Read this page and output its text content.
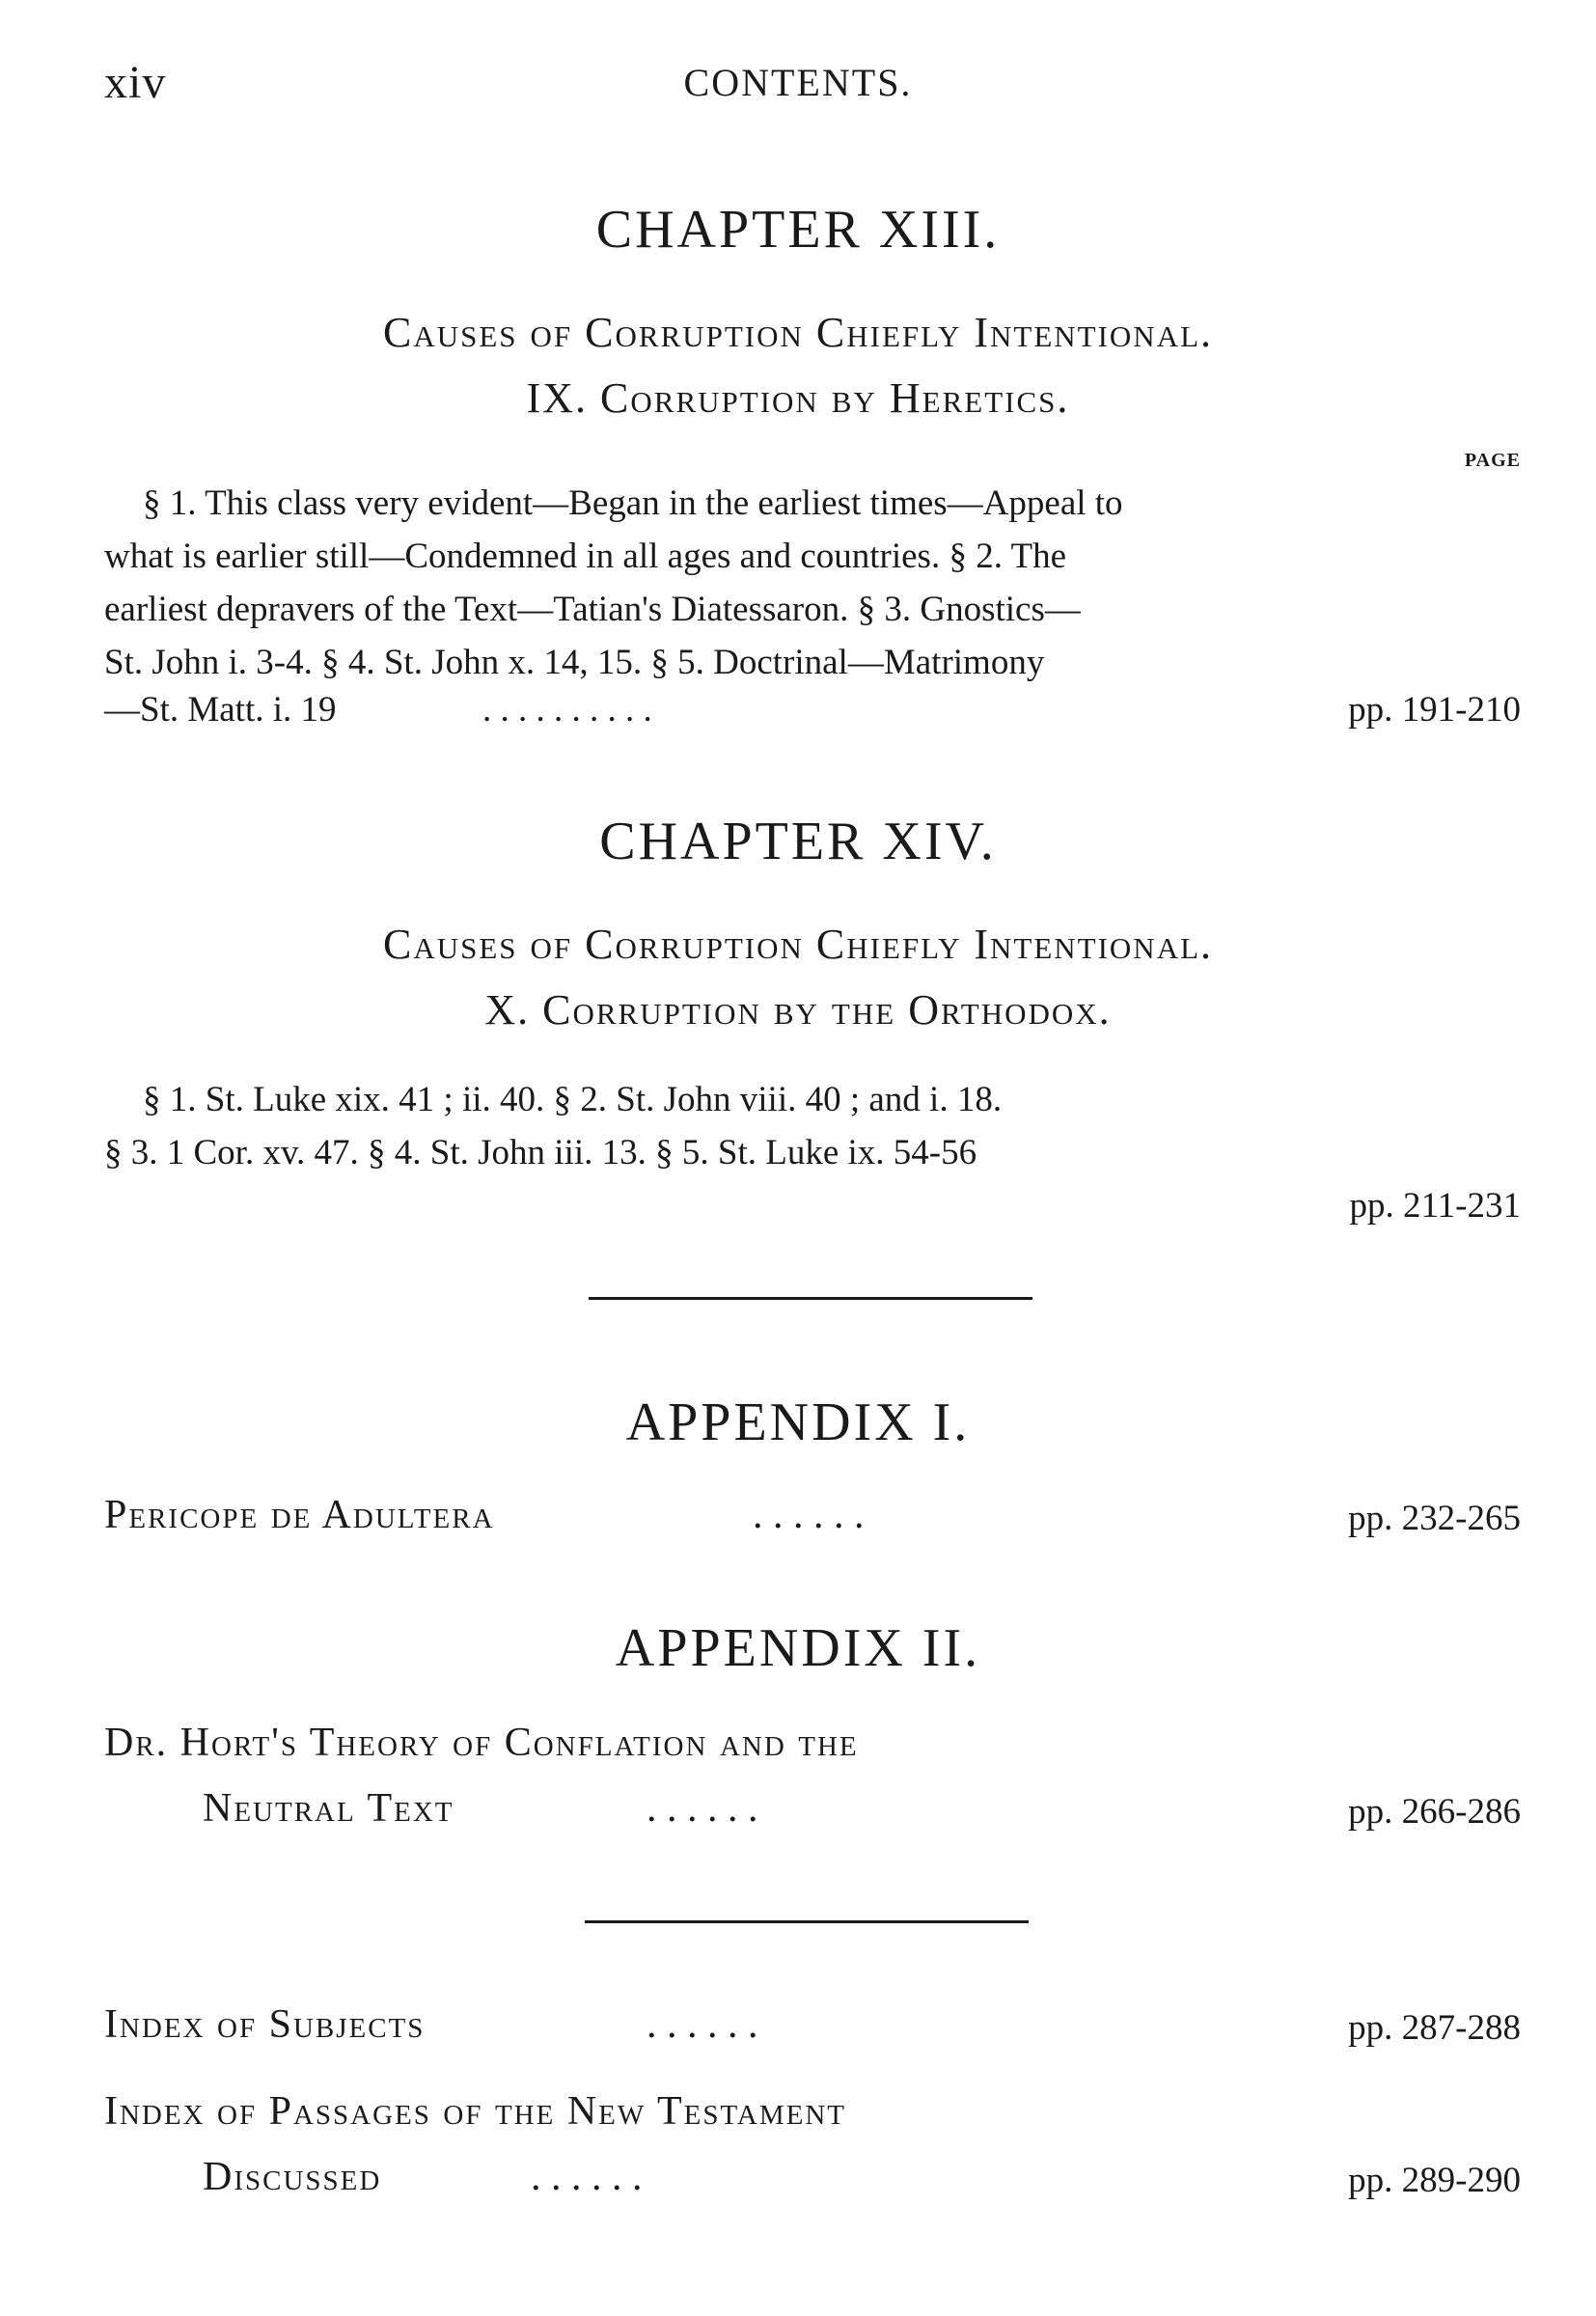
xiv	CONTENTS.
CHAPTER XIII.
Causes of Corruption Chiefly Intentional.
IX. Corruption by Heretics.
PAGE
§ 1. This class very evident—Began in the earliest times—Appeal to
what is earlier still—Condemned in all ages and countries. § 2. The
earliest depravers of the Text—Tatian's Diatessaron. § 3. Gnostics—
St. John i. 3-4. § 4. St. John x. 14, 15. § 5. Doctrinal—Matrimony
—St. Matt. i. 19	. . . . . . . . . .	pp. 191-210
CHAPTER XIV.
Causes of Corruption Chiefly Intentional.
X. Corruption by the Orthodox.
§ 1. St. Luke xix. 41 ; ii. 40. § 2. St. John viii. 40 ; and i. 18.
§ 3. 1 Cor. xv. 47. § 4. St. John iii. 13. § 5. St. Luke ix. 54-56
pp. 211-231
APPENDIX I.
Pericope de Adultera	. . . . . .	pp. 232-265
APPENDIX II.
Dr. Hort's Theory of Conflation and the
Neutral Text	. . . . . .	pp. 266-286
Index of Subjects	. . . . . .	pp. 287-288
Index of Passages of the New Testament
Discussed	. . . . . .	pp. 289-290
